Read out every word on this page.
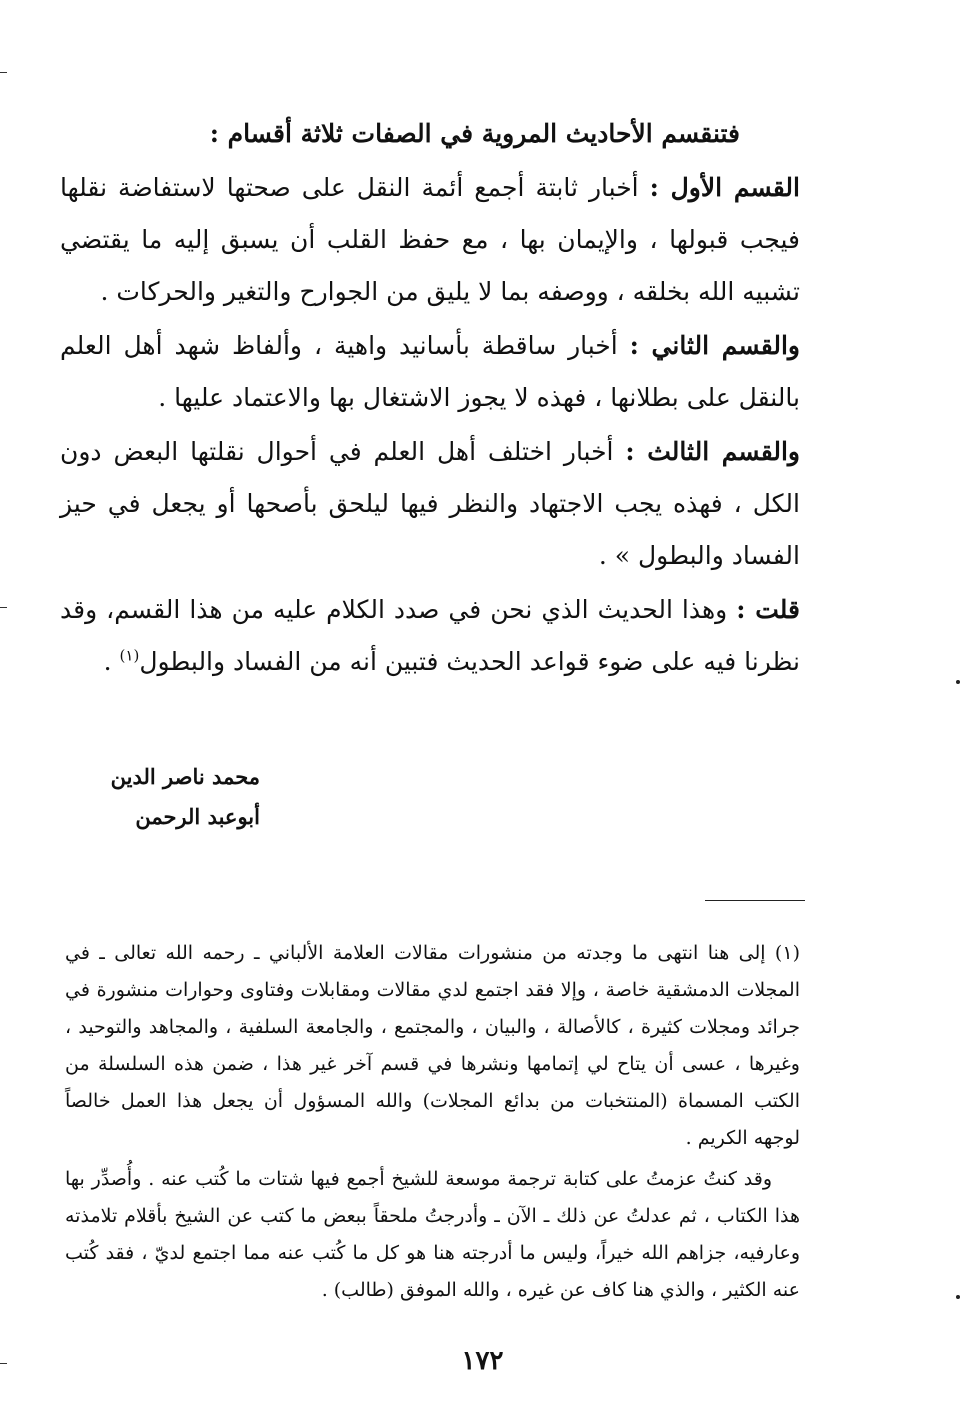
فتنقسم الأحاديث المروية في الصفات ثلاثة أقسام :

القسم الأول : أخبار ثابتة أجمع أئمة النقل على صحتها لاستفاضة نقلها فيجب قبولها ، والإيمان بها ، مع حفظ القلب أن يسبق إليه ما يقتضي تشبيه الله بخلقه ، ووصفه بما لا يليق من الجوارح والتغير والحركات .

والقسم الثاني : أخبار ساقطة بأسانيد واهية ، وألفاظ شهد أهل العلم بالنقل على بطلانها ، فهذه لا يجوز الاشتغال بها والاعتماد عليها .

والقسم الثالث : أخبار اختلف أهل العلم في أحوال نقلتها البعض دون الكل ، فهذه يجب الاجتهاد والنظر فيها ليلحق بأصحها أو يجعل في حيز الفساد والبطول » .

قلت : وهذا الحديث الذي نحن في صدد الكلام عليه من هذا القسم، وقد نظرنا فيه على ضوء قواعد الحديث فتبين أنه من الفساد والبطول$^{(١)}$ .

محمد ناصر الدين
أبوعبد الرحمن

(١) إلى هنا انتهى ما وجدته من منشورات مقالات العلامة الألباني ـ رحمه الله تعالى ـ في المجلات الدمشقية خاصة ، وإلا فقد اجتمع لدي مقالات ومقابلات وفتاوى وحوارات منشورة في جرائد ومجلات كثيرة ، كالأصالة ، والبيان ، والمجتمع ، والجامعة السلفية ، والمجاهد والتوحيد ، وغيرها ، عسى أن يتاح لي إتمامها ونشرها في قسم آخر غير هذا ، ضمن هذه السلسلة من الكتب المسماة (المنتخبات من بدائع المجلات) والله المسؤول أن يجعل هذا العمل خالصاً لوجهه الكريم .

وقد كنتُ عزمتُ على كتابة ترجمة موسعة للشيخ أجمع فيها شتات ما كُتب عنه . وأُصدِّر بها هذا الكتاب ، ثم عدلتُ عن ذلك ـ الآن ـ وأدرجتُ ملحقاً ببعض ما كتب عن الشيخ بأقلام تلامذته وعارفيه، جزاهم الله خيراً، وليس ما أدرجته هنا هو كل ما كُتب عنه مما اجتمع لديّ ، فقد كُتب عنه الكثير ، والذي هنا كاف عن غيره ، والله الموفق (طالب) .

١٧٢
